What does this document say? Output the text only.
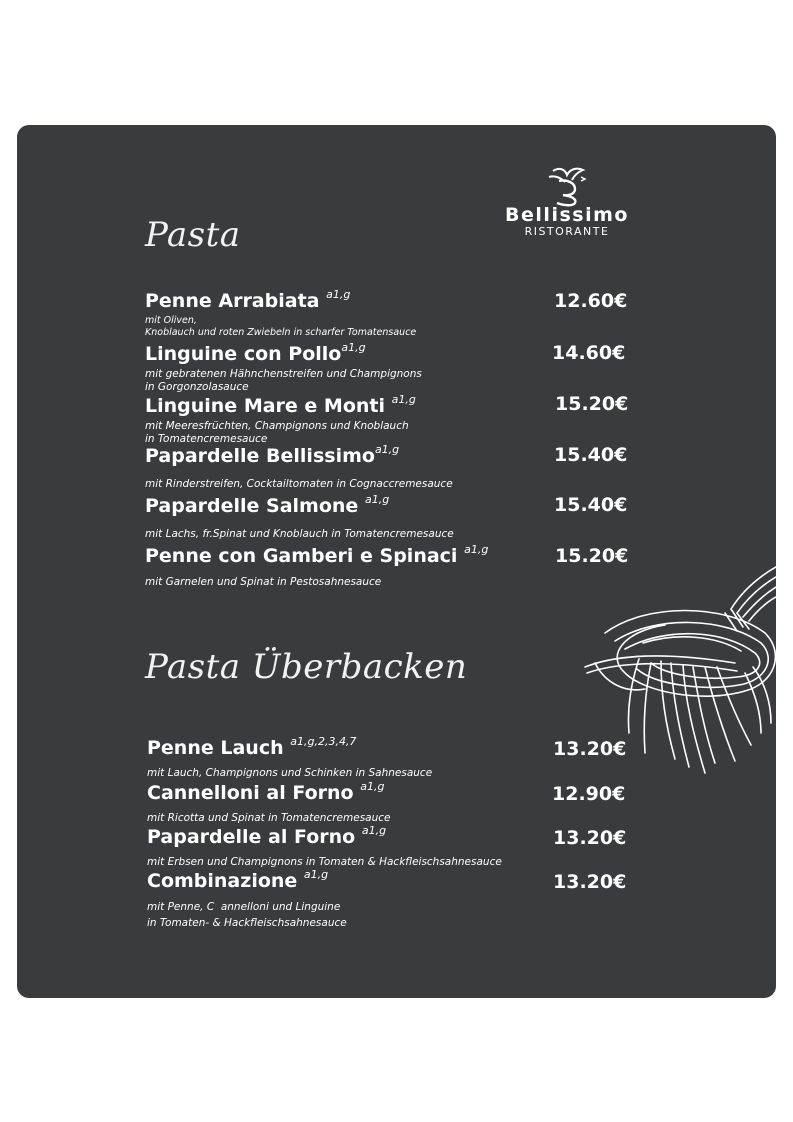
Bellissimo
RISTORANTE
Pasta
Penne Arrabiata $^{a1,g}$
mit Oliven,
Knoblauch und roten Zwiebeln in scharfer Tomatensauce
12.60€
Linguine con Pollo$^{a1,g}$
mit gebratenen Hähnchenstreifen und Champignons
in Gorgonzolasauce
14.60€
Linguine Mare e Monti $^{a1,g}$
mit Meeresfrüchten, Champignons und Knoblauch
in Tomatencremesauce
15.20€
Papardelle Bellissimo$^{a1,g}$
mit Rinderstreifen, Cocktailtomaten in Cognaccremesauce
15.40€
Papardelle Salmone $^{a1,g}$
mit Lachs, fr.Spinat und Knoblauch in Tomatencremesauce
15.40€
Penne con Gamberi e Spinaci $^{a1,g}$
mit Garnelen und Spinat in Pestosahnesauce
15.20€
Pasta Überbacken
Penne Lauch $^{a1,g,2,3,4,7}$
mit Lauch, Champignons und Schinken in Sahnesauce
13.20€
Cannelloni al Forno $^{a1,g}$
mit Ricotta und Spinat in Tomatencremesauce
12.90€
Papardelle al Forno $^{a1,g}$
mit Erbsen und Champignons in Tomaten & Hackfleischsahnesauce
13.20€
Combinazione $^{a1,g}$
mit Penne, C  annelloni und Linguine
in Tomaten- & Hackfleischsahnesauce
13.20€
